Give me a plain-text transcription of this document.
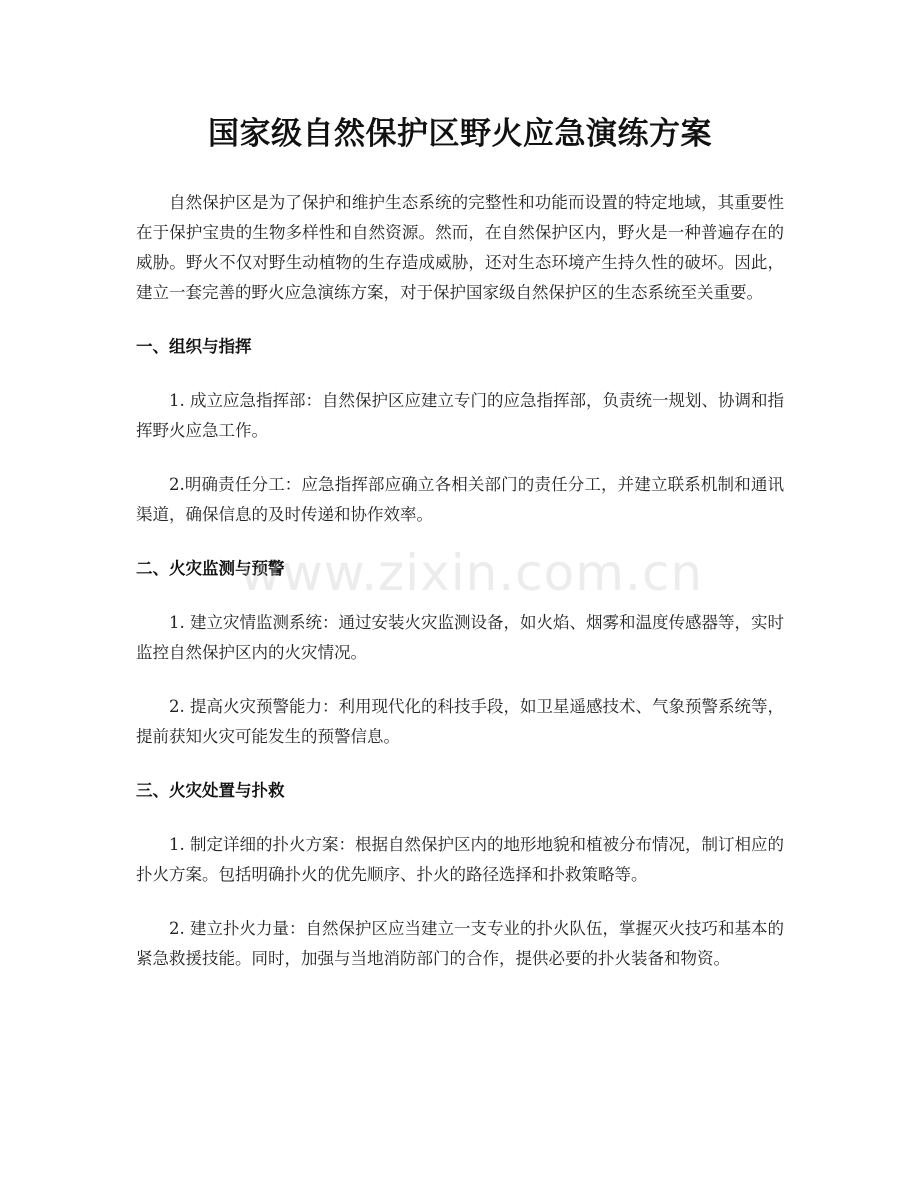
国家级自然保护区野火应急演练方案

自然保护区是为了保护和维护生态系统的完整性和功能而设置的特定地域，其重要性在于保护宝贵的生物多样性和自然资源。然而，在自然保护区内，野火是一种普遍存在的威胁。野火不仅对野生动植物的生存造成威胁，还对生态环境产生持久性的破坏。因此，建立一套完善的野火应急演练方案，对于保护国家级自然保护区的生态系统至关重要。

一、组织与指挥

1. 成立应急指挥部：自然保护区应建立专门的应急指挥部，负责统一规划、协调和指挥野火应急工作。

2.明确责任分工：应急指挥部应确立各相关部门的责任分工，并建立联系机制和通讯渠道，确保信息的及时传递和协作效率。

二、火灾监测与预警

1. 建立灾情监测系统：通过安装火灾监测设备，如火焰、烟雾和温度传感器等，实时监控自然保护区内的火灾情况。

2. 提高火灾预警能力：利用现代化的科技手段，如卫星遥感技术、气象预警系统等，提前获知火灾可能发生的预警信息。

三、火灾处置与扑救

1. 制定详细的扑火方案：根据自然保护区内的地形地貌和植被分布情况，制订相应的扑火方案。包括明确扑火的优先顺序、扑火的路径选择和扑救策略等。

2. 建立扑火力量：自然保护区应当建立一支专业的扑火队伍，掌握灭火技巧和基本的紧急救援技能。同时，加强与当地消防部门的合作，提供必要的扑火装备和物资。

www.zixin.com.cn
